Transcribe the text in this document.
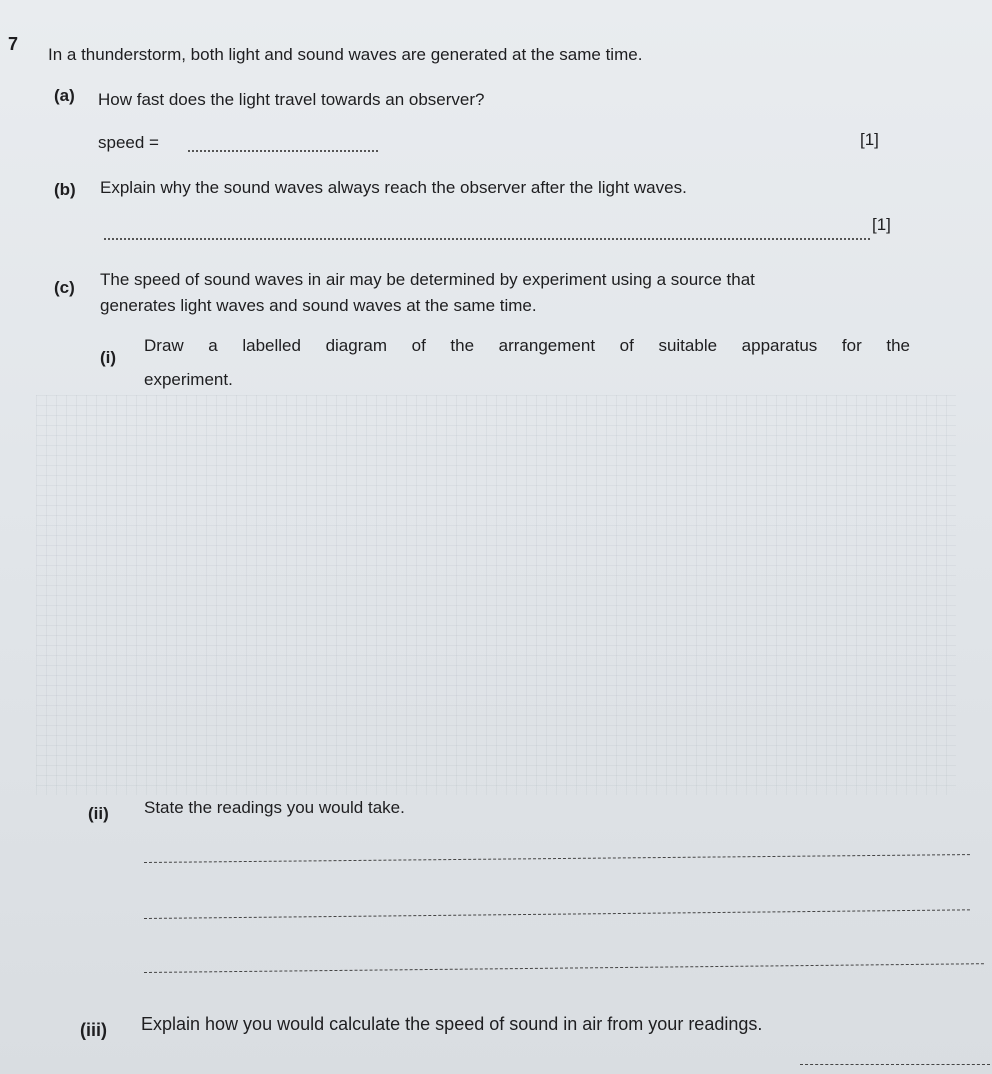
7
In a thunderstorm, both light and sound waves are generated at the same time.
(a) How fast does the light travel towards an observer?
speed =	[1]
(b) Explain why the sound waves always reach the observer after the light waves.
[1]
(c) The speed of sound waves in air may be determined by experiment using a source that
generates light waves and sound waves at the same time.
(i)
Draw a labelled diagram of the arrangement of suitable apparatus for the
experiment.
(ii) State the readings you would take.
(iii) Explain how you would calculate the speed of sound in air from your readings.
